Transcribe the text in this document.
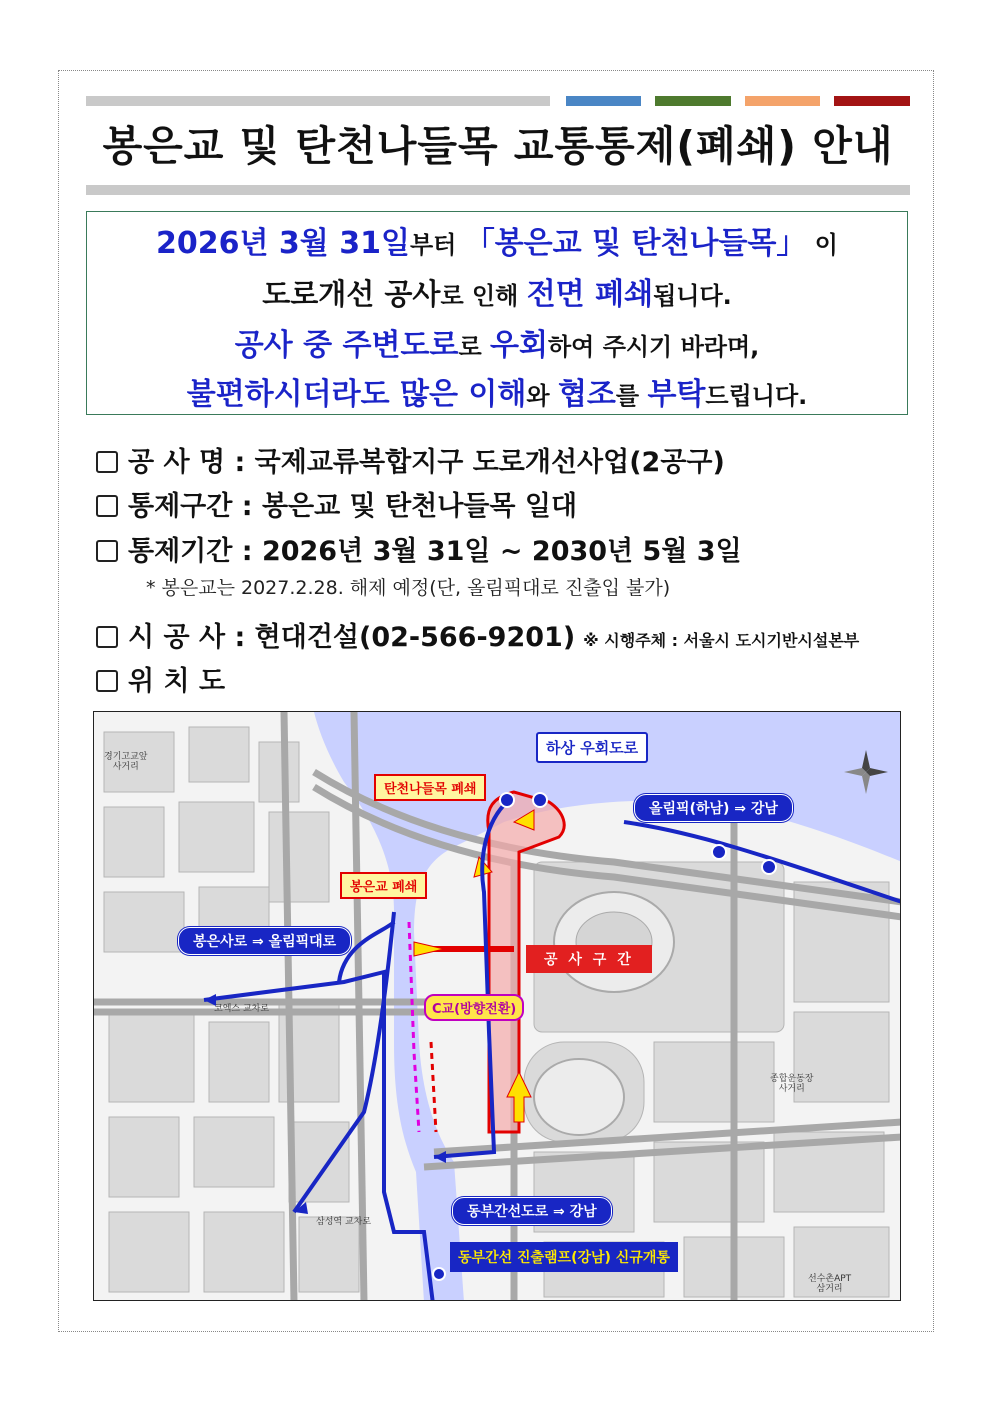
봉은교 및 탄천나들목 교통통제(폐쇄) 안내
2026년 3월 31일부터 「봉은교 및 탄천나들목」 이
도로개선 공사로 인해 전면 폐쇄됩니다.
공사 중 주변도로로 우회하여 주시기 바라며,
불편하시더라도 많은 이해와 협조를 부탁드립니다.
공 사 명 : 국제교류복합지구 도로개선사업(2공구)
통제구간 : 봉은교 및 탄천나들목 일대
통제기간 : 2026년 3월 31일 ~ 2030년 5월 3일
* 봉은교는 2027.2.28. 해제 예정(단, 올림픽대로 진출입 불가)
시 공 사 : 현대건설(02-566-9201) ※ 시행주체 : 서울시 도시기반시설본부
위 치 도
하상 우회도로
탄천나들목 폐쇄
올림픽(하남) ⇒ 강남
봉은교 폐쇄
봉은사로 ⇒ 올림픽대로
공 사 구 간
C교(방향전환)
동부간선도로 ⇒ 강남
동부간선 진출램프(강남) 신규개통
경기고교앞
사거리
코엑스 교차로
삼성역 교차로
종합운동장
사거리
선수촌APT
삼거리
